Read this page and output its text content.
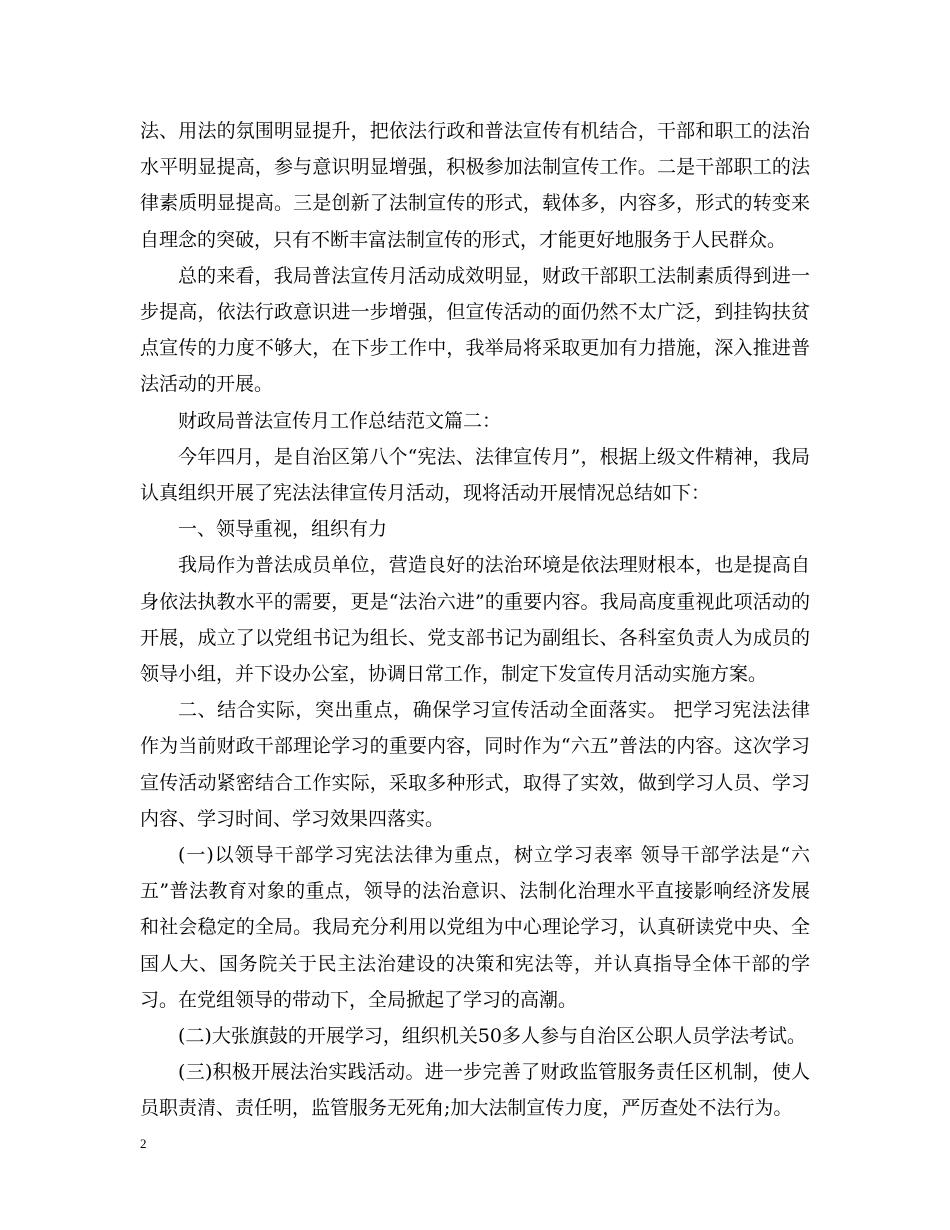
法、用法的氛围明显提升，把依法行政和普法宣传有机结合，干部和职工的法治水平明显提高，参与意识明显增强，积极参加法制宣传工作。二是干部职工的法律素质明显提高。三是创新了法制宣传的形式，载体多，内容多，形式的转变来自理念的突破，只有不断丰富法制宣传的形式，才能更好地服务于人民群众。

总的来看，我局普法宣传月活动成效明显，财政干部职工法制素质得到进一步提高，依法行政意识进一步增强，但宣传活动的面仍然不太广泛，到挂钩扶贫点宣传的力度不够大，在下步工作中，我举局将采取更加有力措施，深入推进普法活动的开展。

财政局普法宣传月工作总结范文篇二：

今年四月，是自治区第八个“宪法、法律宣传月”，根据上级文件精神，我局认真组织开展了宪法法律宣传月活动，现将活动开展情况总结如下：

一、领导重视，组织有力

我局作为普法成员单位，营造良好的法治环境是依法理财根本，也是提高自身依法执教水平的需要，更是“法治六进”的重要内容。我局高度重视此项活动的开展，成立了以党组书记为组长、党支部书记为副组长、各科室负责人为成员的领导小组，并下设办公室，协调日常工作，制定下发宣传月活动实施方案。

二、结合实际，突出重点，确保学习宣传活动全面落实。 把学习宪法法律作为当前财政干部理论学习的重要内容，同时作为“六五”普法的内容。这次学习宣传活动紧密结合工作实际，采取多种形式，取得了实效，做到学习人员、学习内容、学习时间、学习效果四落实。

(一)以领导干部学习宪法法律为重点，树立学习表率 领导干部学法是“六五”普法教育对象的重点，领导的法治意识、法制化治理水平直接影响经济发展和社会稳定的全局。我局充分利用以党组为中心理论学习，认真研读党中央、全国人大、国务院关于民主法治建设的决策和宪法等，并认真指导全体干部的学习。在党组领导的带动下，全局掀起了学习的高潮。

(二)大张旗鼓的开展学习，组织机关50多人参与自治区公职人员学法考试。

(三)积极开展法治实践活动。进一步完善了财政监管服务责任区机制，使人员职责清、责任明，监管服务无死角;加大法制宣传力度，严厉查处不法行为。

2
